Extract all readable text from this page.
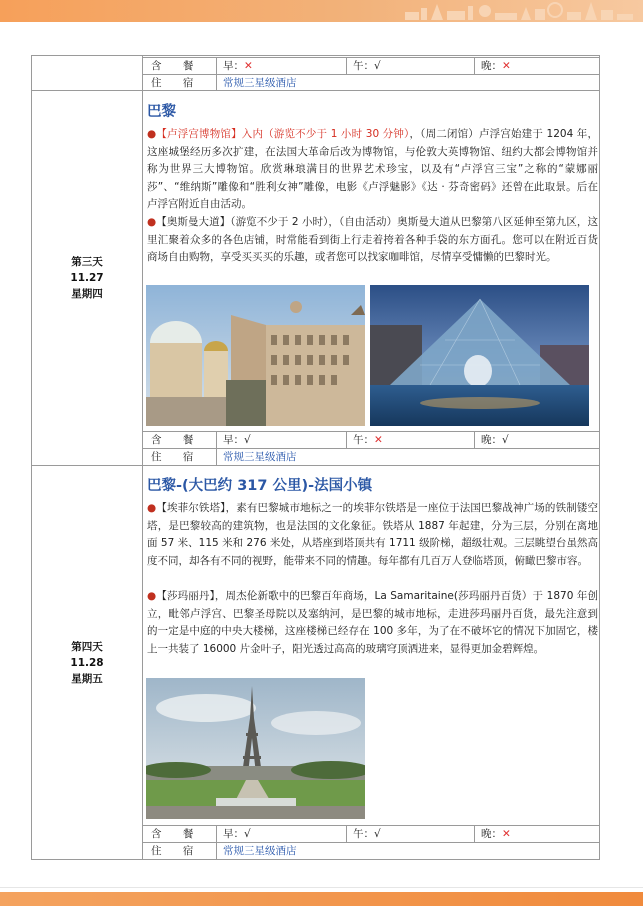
含 餐	早：✕	午：√	晚：✕
住 宿	常规三星级酒店
第三天
11.27
星期四
巴黎
●【卢浮宫博物馆】入内（游览不少于 1 小时 30 分钟），（周二闭馆）卢浮宫始建于 1204 年，这座城堡经历多次扩建，在法国大革命后改为博物馆，与伦敦大英博物馆、纽约大都会博物馆并称为世界三大博物馆。欣赏琳琅满目的世界艺术珍宝，以及有“卢浮宫三宝”之称的“蒙娜丽莎”、“维纳斯”雕像和“胜利女神”雕像，电影《卢浮魅影》《达 · 芬奇密码》还曾在此取景。后在卢浮宫附近自由活动。
●【奥斯曼大道】（游览不少于 2 小时），（自由活动）奥斯曼大道从巴黎第八区延伸至第九区，这里汇聚着众多的各色店铺，时常能看到街上行走着挎着各种手袋的东方面孔。您可以在附近百货商场自由购物，享受买买买的乐趣，或者您可以找家咖啡馆，尽情享受慵懒的巴黎时光。
含 餐	早：√	午：✕	晚：√
住 宿	常规三星级酒店
第四天
11.28
星期五
巴黎-(大巴约 317 公里)-法国小镇
●【埃菲尔铁塔】，素有巴黎城市地标之一的埃菲尔铁塔是一座位于法国巴黎战神广场的铁制镂空塔，是巴黎较高的建筑物，也是法国的文化象征。铁塔从 1887 年起建，分为三层，分别在离地面 57 米、115 米和 276 米处，从塔座到塔顶共有 1711 级阶梯，超级壮观。三层眺望台虽然高度不同，却各有不同的视野，能带来不同的情趣。每年都有几百万人登临塔顶，俯瞰巴黎市容。
●【莎玛丽丹】，周杰伦新歌中的巴黎百年商场，La Samaritaine(莎玛丽丹百货）于 1870 年创立，毗邻卢浮宫、巴黎圣母院以及塞纳河，是巴黎的城市地标，走进莎玛丽丹百货，最先注意到的一定是中庭的中央大楼梯，这座楼梯已经存在 100 多年，为了在不破坏它的情况下加固它，楼上一共装了 16000 片金叶子，阳光透过高高的玻璃穹顶洒进来，显得更加金碧辉煌。
含 餐	早：√	午：√	晚：✕
住 宿	常规三星级酒店
